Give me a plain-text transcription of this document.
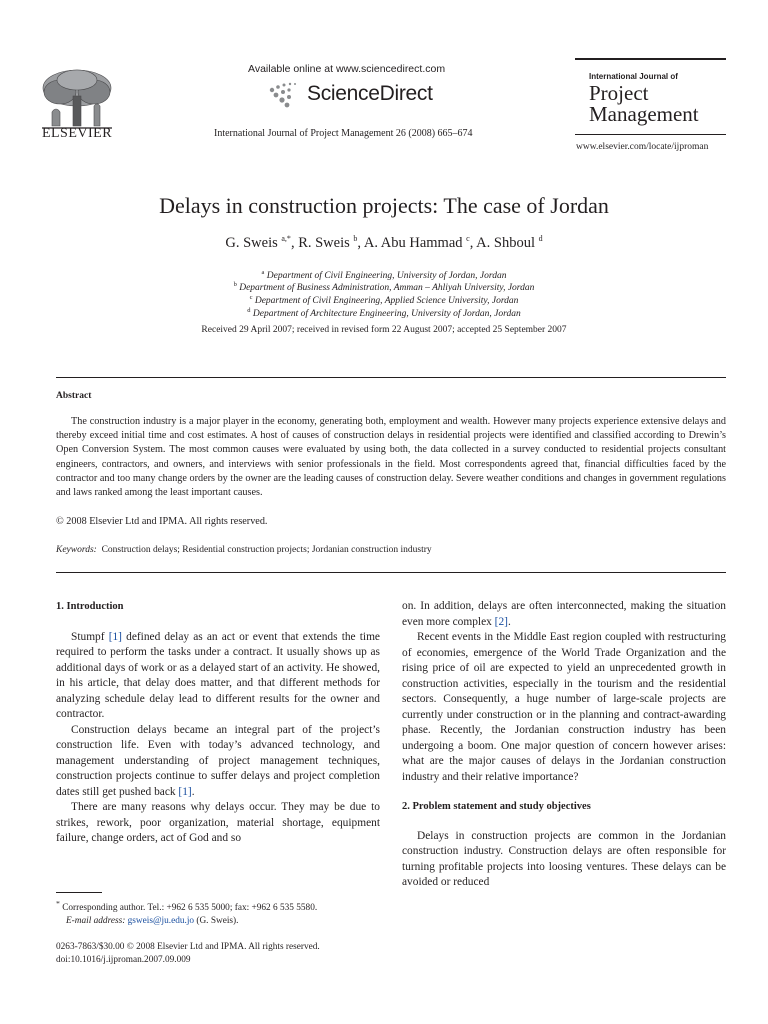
ELSEVIER
Available online at www.sciencedirect.com
ScienceDirect
International Journal of Project Management 26 (2008) 665–674
International Journal of
Project
Management
www.elsevier.com/locate/ijproman
Delays in construction projects: The case of Jordan
G. Sweis $^{a,*}$, R. Sweis $^b$, A. Abu Hammad $^c$, A. Shboul $^d$
$^a$ Department of Civil Engineering, University of Jordan, Jordan
$^b$ Department of Business Administration, Amman – Ahliyah University, Jordan
$^c$ Department of Civil Engineering, Applied Science University, Jordan
$^d$ Department of Architecture Engineering, University of Jordan, Jordan
Received 29 April 2007; received in revised form 22 August 2007; accepted 25 September 2007
Abstract
The construction industry is a major player in the economy, generating both, employment and wealth. However many projects experience extensive delays and thereby exceed initial time and cost estimates. A host of causes of construction delays in residential projects were identified and classified according to Drewin’s Open Conversion System. The most common causes were evaluated by using both, the data collected in a survey conducted to residential projects consultant engineers, contractors, and owners, and interviews with senior professionals in the field. Most correspondents agreed that, financial difficulties faced by the contractor and too many change orders by the owner are the leading causes of construction delay. Severe weather conditions and changes in government regulations and laws ranked among the least important causes.
© 2008 Elsevier Ltd and IPMA. All rights reserved.
Keywords: Construction delays; Residential construction projects; Jordanian construction industry

1. Introduction

Stumpf [1] defined delay as an act or event that extends the time required to perform the tasks under a contract. It usually shows up as additional days of work or as a delayed start of an activity. He showed, in his article, that delay does matter, and that different methods for analyzing schedule delay lead to different results for the owner and contractor.

Construction delays became an integral part of the project’s construction life. Even with today’s advanced technology, and management understanding of project management techniques, construction projects continue to suffer delays and project completion dates still get pushed back [1].

There are many reasons why delays occur. They may be due to strikes, rework, poor organization, material shortage, equipment failure, change orders, act of God and so

* Corresponding author. Tel.: +962 6 535 5000; fax: +962 6 535 5580.
E-mail address: gsweis@ju.edu.jo (G. Sweis).
0263-7863/$30.00 © 2008 Elsevier Ltd and IPMA. All rights reserved.
doi:10.1016/j.ijproman.2007.09.009

on. In addition, delays are often interconnected, making the situation even more complex [2].

Recent events in the Middle East region coupled with restructuring of economies, emergence of the World Trade Organization and the rising price of oil are expected to yield an unprecedented growth in construction activities, especially in the tourism and the residential sectors. Consequently, a huge number of large-scale projects are currently under construction or in the planning and contract-awarding phase. Recently, the Jordanian construction industry has been undergoing a boom. One major question of concern however arises: what are the major causes of delays in the Jordanian construction industry and their relative importance?

2. Problem statement and study objectives

Delays in construction projects are common in the Jordanian construction industry. Construction delays are often responsible for turning profitable projects into loosing ventures. These delays can be avoided or reduced
